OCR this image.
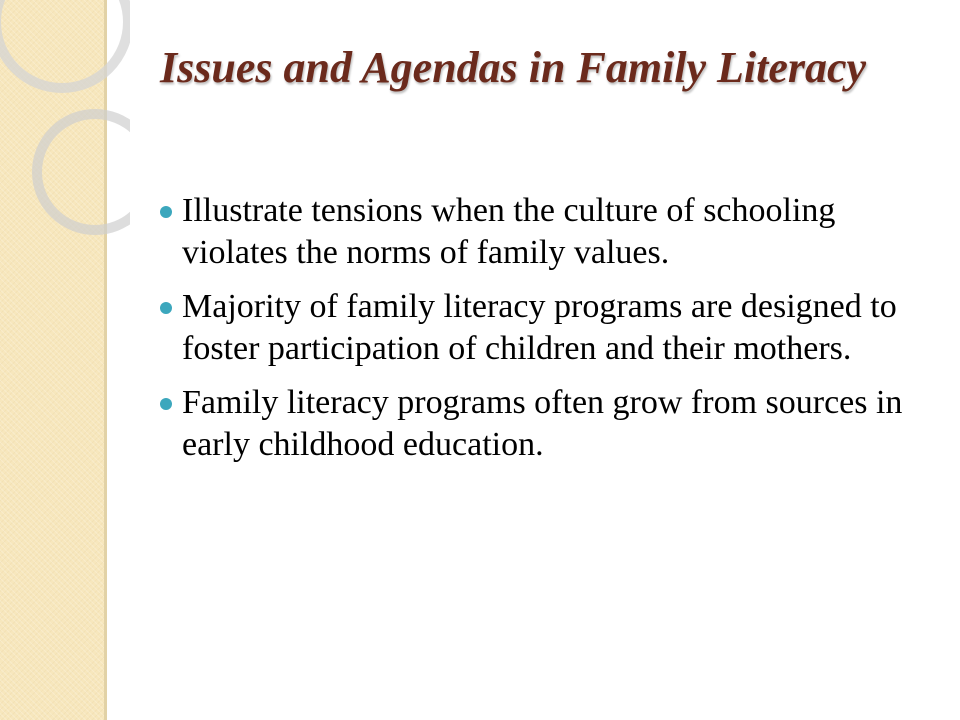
Issues and Agendas in Family Literacy
Illustrate tensions when the culture of schooling violates the norms of family values.
Majority of family literacy programs are designed to foster participation of children and their mothers.
Family literacy programs often grow from sources in early childhood education.
